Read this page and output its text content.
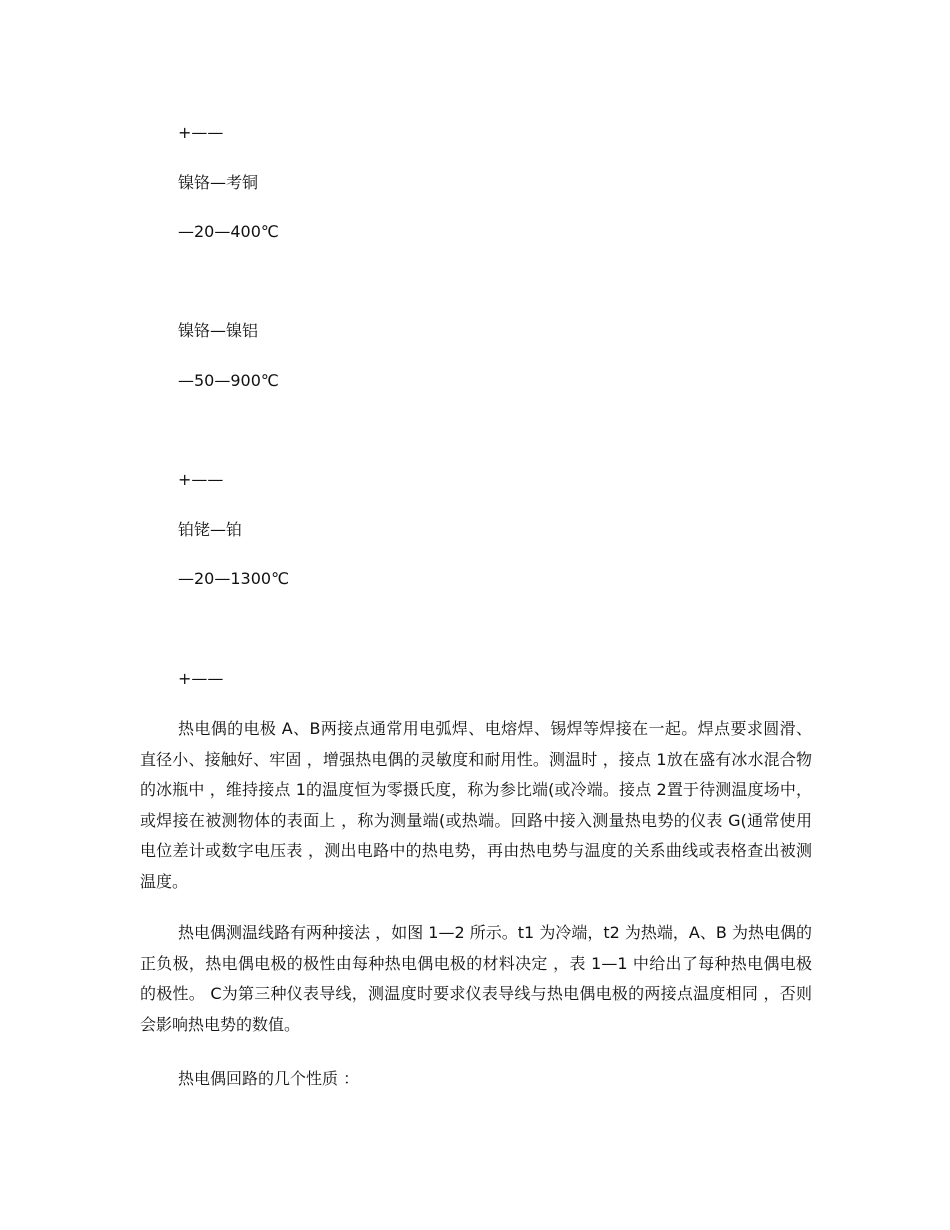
+——
镍铬—考铜
—20—400℃
镍铬—镍铝
—50—900℃
+——
铂铑—铂
—20—1300℃
+——

热电偶的电极 A、B两接点通常用电弧焊、电熔焊、锡焊等焊接在一起。焊点要求圆滑、直径小、接触好、牢固 ，增强热电偶的灵敏度和耐用性。测温时 ，接点 1放在盛有冰水混合物的冰瓶中 ，维持接点 1的温度恒为零摄氏度，称为参比端(或冷端。接点 2置于待测温度场中，或焊接在被测物体的表面上 ，称为测量端(或热端。回路中接入测量热电势的仪表 G(通常使用电位差计或数字电压表 ，测出电路中的热电势，再由热电势与温度的关系曲线或表格查出被测温度。

热电偶测温线路有两种接法 ，如图 1—2 所示。t1 为冷端，t2 为热端，A、B 为热电偶的正负极，热电偶电极的极性由每种热电偶电极的材料决定 ，表 1—1 中给出了每种热电偶电极的极性。 C为第三种仪表导线，测温度时要求仪表导线与热电偶电极的两接点温度相同 ，否则会影响热电势的数值。

热电偶回路的几个性质 ：
